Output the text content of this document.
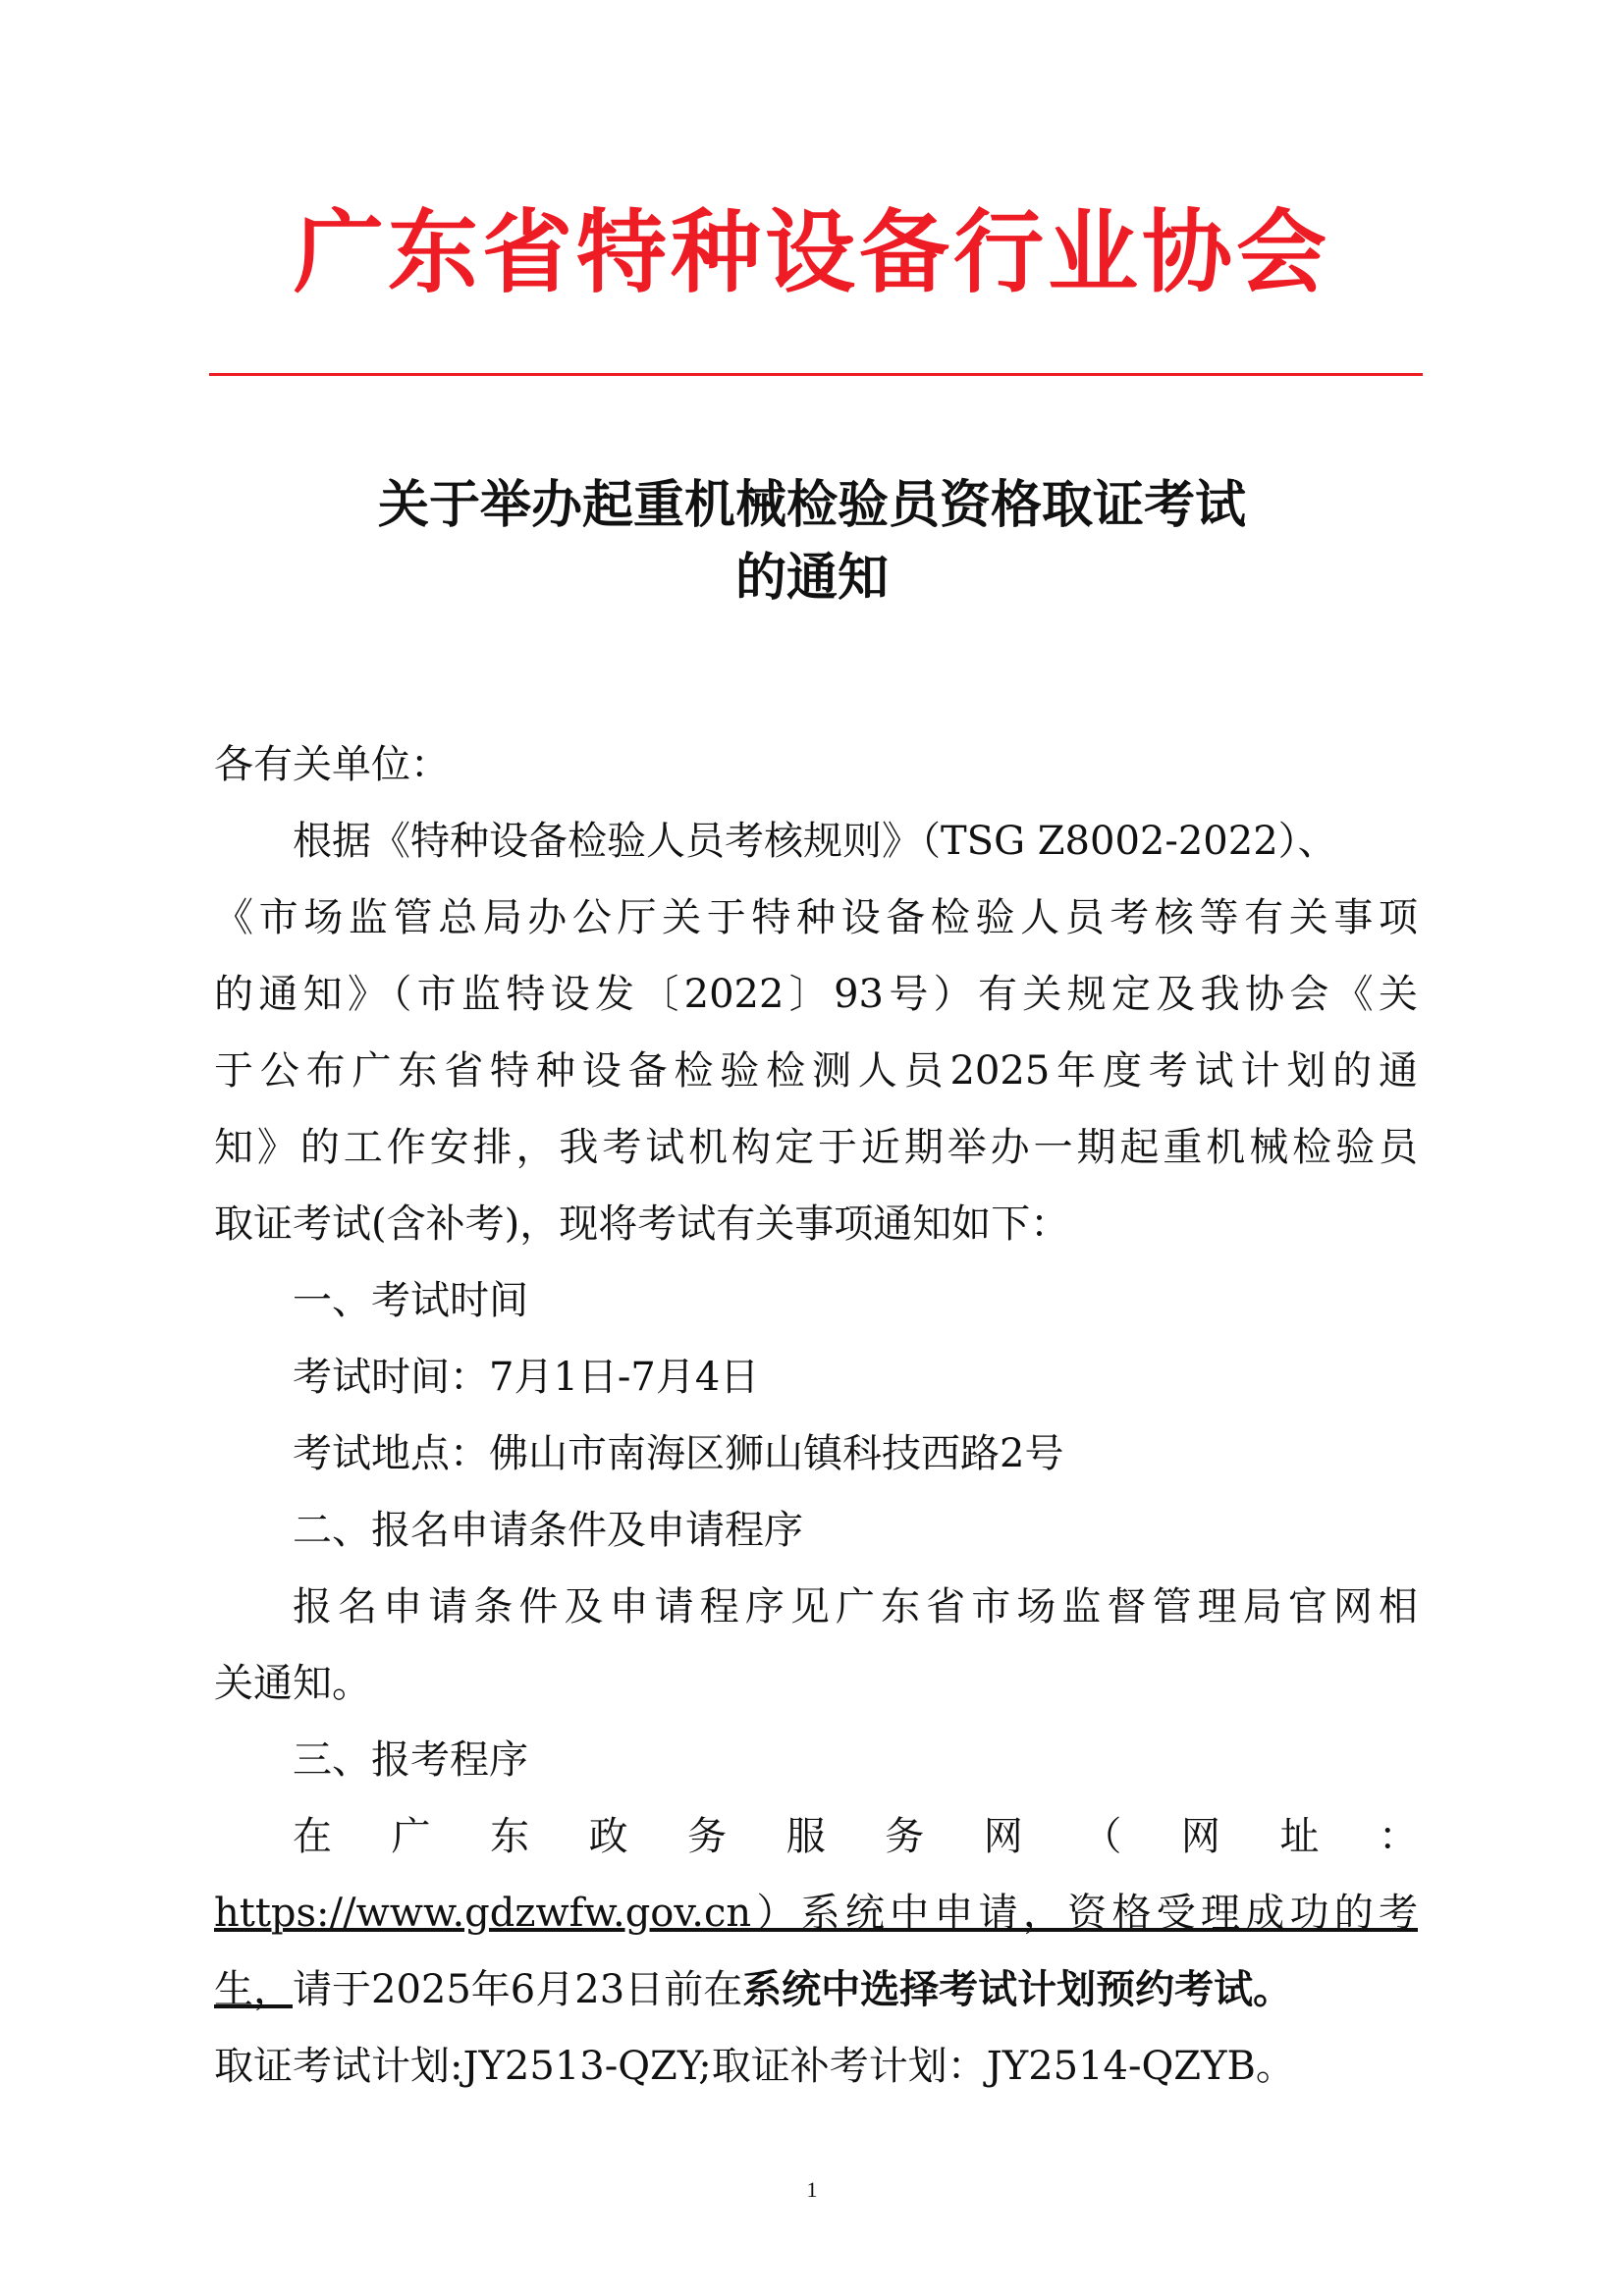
广东省特种设备行业协会
关于举办起重机械检验员资格取证考试
的通知

各有关单位：

根据《特种设备检验人员考核规则》（TSG Z8002-2022）、

《市场监管总局办公厅关于特种设备检验人员考核等有关事项

的通知》（市监特设发〔2022〕93号）有关规定及我协会《关

于公布广东省特种设备检验检测人员2025年度考试计划的通

知》的工作安排，我考试机构定于近期举办一期起重机械检验员

取证考试(含补考)，现将考试有关事项通知如下：

一、考试时间

考试时间：7月1日-7月4日

考试地点：佛山市南海区狮山镇科技西路2号

二、报名申请条件及申请程序

报名申请条件及申请程序见广东省市场监督管理局官网相

关通知。

三、报考程序

在 广 东 政 务 服 务 网 （ 网 址 ：

https://www.gdzwfw.gov.cn）系统中申请，资格受理成功的考

生，请于2025年6月23日前在系统中选择考试计划预约考试。

取证考试计划:JY2513-QZY;取证补考计划：JY2514-QZYB。

1
